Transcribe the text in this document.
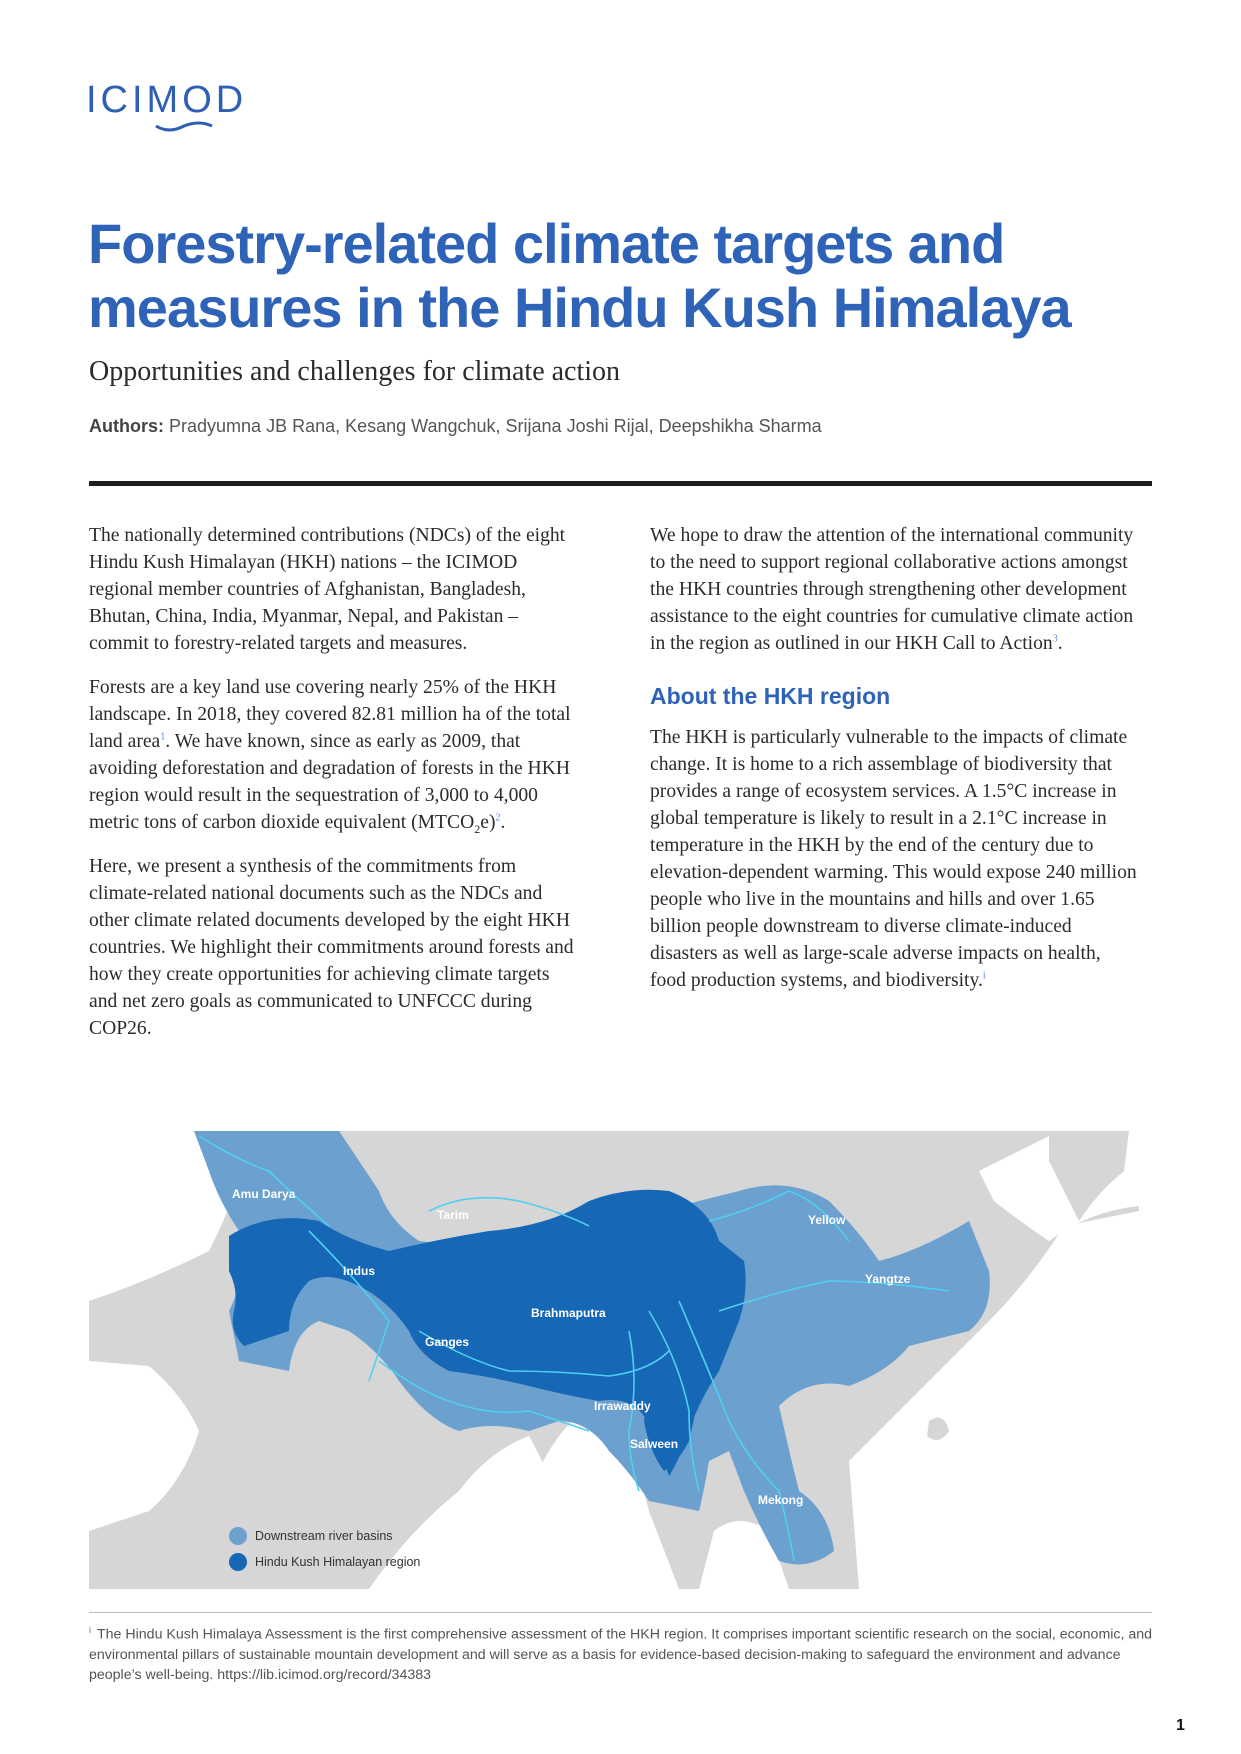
ICIMOD
Forestry-related climate targets and
measures in the Hindu Kush Himalaya

Opportunities and challenges for climate action

Authors: Pradyumna JB Rana, Kesang Wangchuk, Srijana Joshi Rijal, Deepshikha Sharma

The nationally determined contributions (NDCs) of the eight Hindu Kush Himalayan (HKH) nations – the ICIMOD regional member countries of Afghanistan, Bangladesh, Bhutan, China, India, Myanmar, Nepal, and Pakistan – commit to forestry-related targets and measures.

Forests are a key land use covering nearly 25% of the HKH landscape. In 2018, they covered 82.81 million ha of the total land area$^1$. We have known, since as early as 2009, that avoiding deforestation and degradation of forests in the HKH region would result in the sequestration of 3,000 to 4,000 metric tons of carbon dioxide equivalent $(MTCO_2e)^2$.

Here, we present a synthesis of the commitments from climate-related national documents such as the NDCs and other climate related documents developed by the eight HKH countries. We highlight their commitments around forests and how they create opportunities for achieving climate targets and net zero goals as communicated to UNFCCC during COP26.

We hope to draw the attention of the international community to the need to support regional collaborative actions amongst the HKH countries through strengthening other development assistance to the eight countries for cumulative climate action in the region as outlined in our HKH Call to Action$^3$.

About the HKH region

The HKH is particularly vulnerable to the impacts of climate change. It is home to a rich assemblage of biodiversity that provides a range of ecosystem services. A 1.5°C increase in global temperature is likely to result in a 2.1°C increase in temperature in the HKH by the end of the century due to elevation-dependent warming. This would expose 240 million people who live in the mountains and hills and over 1.65 billion people downstream to diverse climate-induced disasters as well as large-scale adverse impacts on health, food production systems, and biodiversity.$^i$

Amu Darya
Tarim	Yellow
Indus
Yangtze
Brahmaputra
Ganges
Irrawaddy
Salween
Mekong
Downstream river basins
Hindu Kush Himalayan region
$^i$ The Hindu Kush Himalaya Assessment is the first comprehensive assessment of the HKH region. It comprises important scientific research on the social, economic, and environmental pillars of sustainable mountain development and will serve as a basis for evidence-based decision-making to safeguard the environment and advance people’s well-being. https://lib.icimod.org/record/34383
1
